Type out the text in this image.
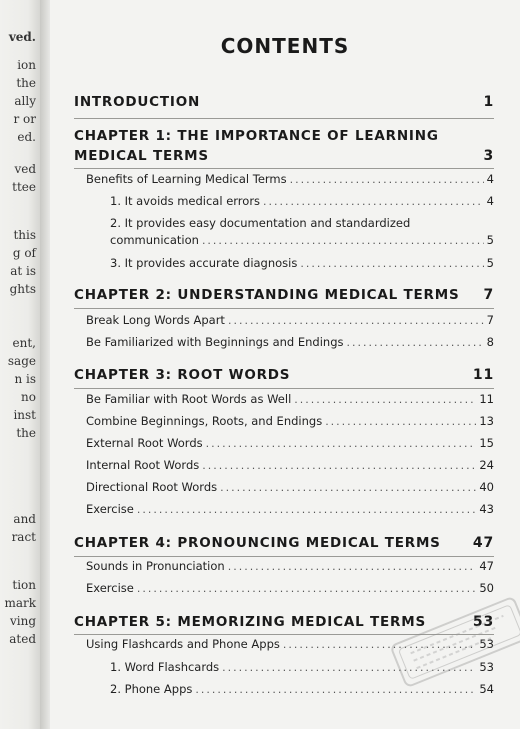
ved.
ion
the
ally
r or
ed.
ved
ttee
this
g of
at is
ghts
ent,
sage
n is
no
inst
the
and
ract
tion
mark
ving
ated
CONTENTS
INTRODUCTION	1
CHAPTER 1: THE IMPORTANCE OF LEARNING
MEDICAL TERMS	3
Benefits of Learning Medical Terms .....	4
1. It avoids medical errors .....	4
2. It provides easy documentation and standardized
communication .....	5
3. It provides accurate diagnosis .....	5
CHAPTER 2: UNDERSTANDING MEDICAL TERMS 7
Break Long Words Apart .....	7
Be Familiarized with Beginnings and Endings .....	8
CHAPTER 3: ROOT WORDS	11
Be Familiar with Root Words as Well .....	11
Combine Beginnings, Roots, and Endings .....	13
External Root Words .....	15
Internal Root Words .....	24
Directional Root Words .....	40
Exercise .....	43
CHAPTER 4: PRONOUNCING MEDICAL TERMS 47
Sounds in Pronunciation .....	47
Exercise .....	50
CHAPTER 5: MEMORIZING MEDICAL TERMS	53
Using Flashcards and Phone Apps .....	53
1. Word Flashcards .....	53
2. Phone Apps .....	54
